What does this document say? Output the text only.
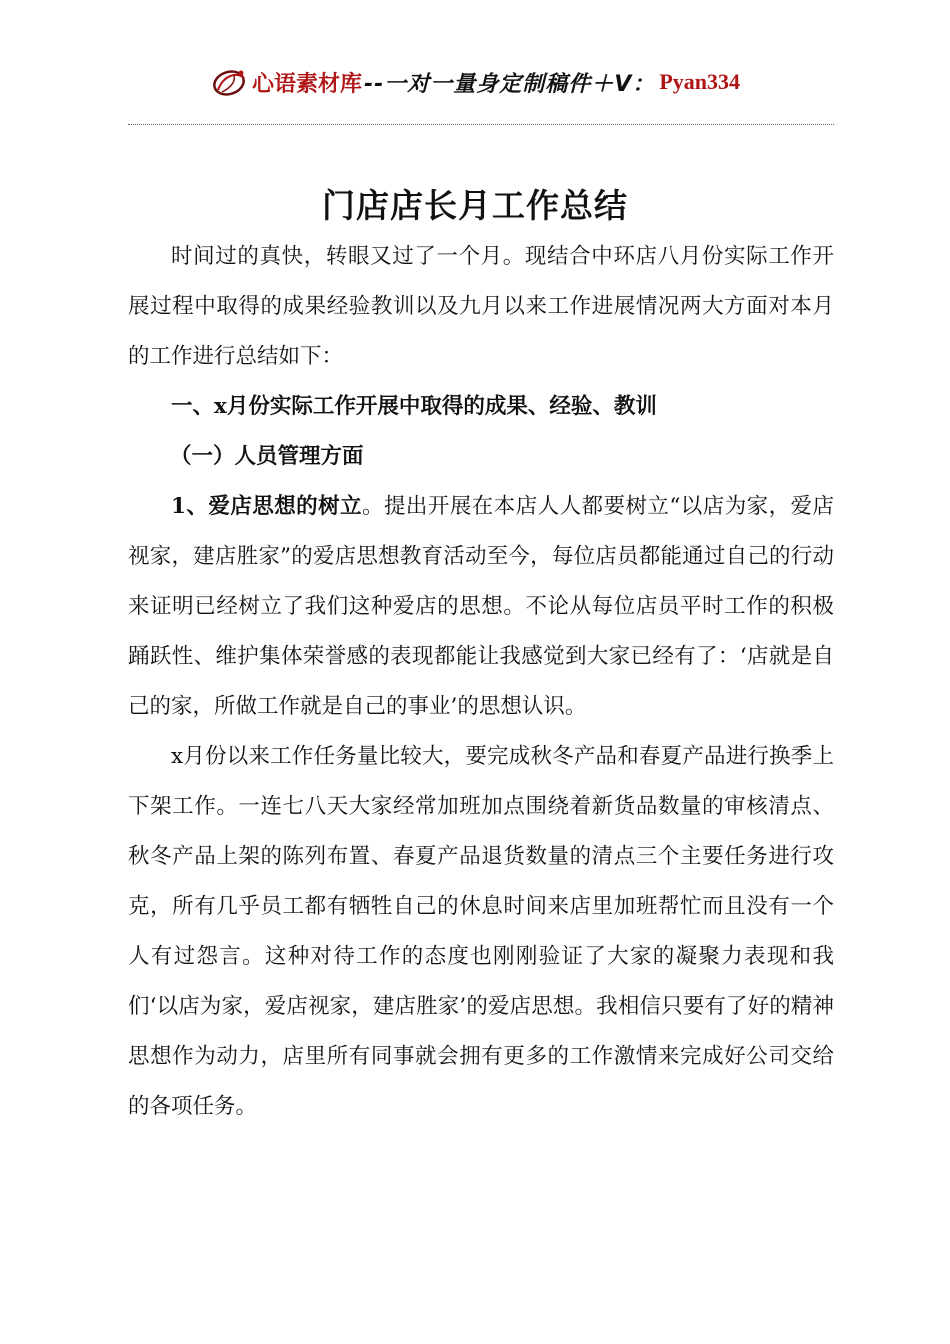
心语素材库 --一对一量身定制稿件＋V： Pyan334
门店店长月工作总结

时间过的真快，转眼又过了一个月。现结合中环店八月份实际工作开展过程中取得的成果经验教训以及九月以来工作进展情况两大方面对本月的工作进行总结如下：

一、x月份实际工作开展中取得的成果、经验、教训

（一）人员管理方面

1、爱店思想的树立。提出开展在本店人人都要树立“以店为家，爱店视家，建店胜家”的爱店思想教育活动至今，每位店员都能通过自己的行动来证明已经树立了我们这种爱店的思想。不论从每位店员平时工作的积极踊跃性、维护集体荣誉感的表现都能让我感觉到大家已经有了：‘店就是自己的家，所做工作就是自己的事业’的思想认识。

x月份以来工作任务量比较大，要完成秋冬产品和春夏产品进行换季上下架工作。一连七八天大家经常加班加点围绕着新货品数量的审核清点、秋冬产品上架的陈列布置、春夏产品退货数量的清点三个主要任务进行攻克，所有几乎员工都有牺牲自己的休息时间来店里加班帮忙而且没有一个人有过怨言。这种对待工作的态度也刚刚验证了大家的凝聚力表现和我们‘以店为家，爱店视家，建店胜家’的爱店思想。我相信只要有了好的精神思想作为动力，店里所有同事就会拥有更多的工作激情来完成好公司交给的各项任务。
